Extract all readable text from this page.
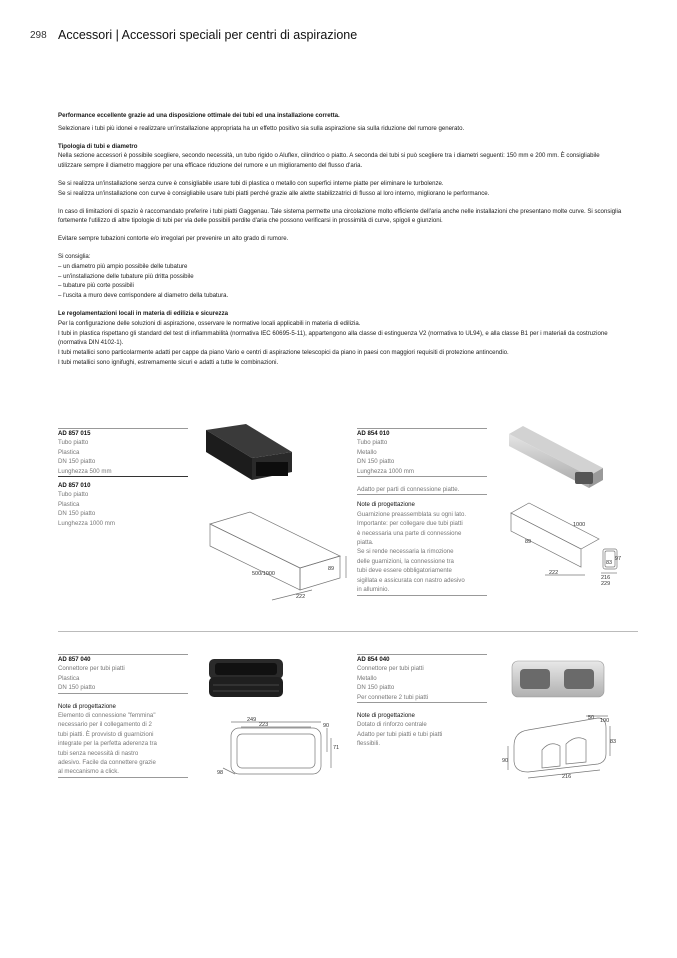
298 Accessori | Accessori speciali per centri di aspirazione

Performance eccellente grazie ad una disposizione ottimale dei tubi ed una installazione corretta.

Selezionare i tubi più idonei e realizzare un'installazione appropriata ha un effetto positivo sia sulla aspirazione sia sulla riduzione del rumore generato.

Tipologia di tubi e diametro

Nella sezione accessori è possibile scegliere, secondo necessità, un tubo rigido o Aluflex, cilindrico o piatto. A seconda dei tubi si può scegliere tra i diametri seguenti: 150 mm e 200 mm. È consigliabile utilizzare sempre il diametro maggiore per una efficace riduzione del rumore e un miglioramento del flusso d'aria.

Se si realizza un'installazione senza curve è consigliabile usare tubi di plastica o metallo con superfici interne piatte per eliminare le turbolenze.

Se si realizza un'installazione con curve è consigliabile usare tubi piatti perché grazie alle alette stabilizzatrici di flusso al loro interno, migliorano le performance.

In caso di limitazioni di spazio è raccomandato preferire i tubi piatti Gaggenau. Tale sistema permette una circolazione molto efficiente dell'aria anche nelle installazioni che presentano molte curve. Si sconsiglia fortemente l'utilizzo di altre tipologie di tubi per via delle possibili perdite d'aria che possono verificarsi in prossimità di curve, spigoli e giunzioni.

Evitare sempre tubazioni contorte e/o irregolari per prevenire un alto grado di rumore.

Si consiglia:

– un diametro più ampio possibile delle tubature

– un'installazione delle tubature più dritta possibile

– tubature più corte possibili

– l'uscita a muro deve corrispondere al diametro della tubatura.

Le regolamentazioni locali in materia di edilizia e sicurezza

Per la configurazione delle soluzioni di aspirazione, osservare le normative locali applicabili in materia di edilizia.

I tubi in plastica rispettano gli standard del test di infiammabilità (normativa IEC 60695-5-11), appartengono alla classe di estinguenza V2 (normativa to UL94), e alla classe B1 per i materiali da costruzione (normativa DIN 4102-1).

I tubi metallici sono particolarmente adatti per cappe da piano Vario e centri di aspirazione telescopici da piano in paesi con maggiori requisiti di protezione antincendio.

I tubi metallici sono ignifughi, estremamente sicuri e adatti a tutte le combinazioni.

AD 857 015
Tubo piatto
Plastica
DN 150 piatto
Lunghezza 500 mm
AD 857 010
Tubo piatto
Plastica
DN 150 piatto
Lunghezza 1000 mm
500/1000
89
222
AD 854 010
Tubo piatto
Metallo
DN 150 piatto
Lunghezza 1000 mm
Adatto per parti di connessione piatte.
Note di progettazione
Guarnizione preassemblata su ogni lato.
Importante: per collegare due tubi piatti
è necessaria una parte di connessione
piatta.
Se si rende necessaria la rimozione
delle guarnizioni, la connessione tra
tubi deve essere obbligatoriamente
sigillata e assicurata con nastro adesivo
in alluminio.
1000
89
97
83
222
216
229
AD 857 040
Connettore per tubi piatti
Plastica
DN 150 piatto
Note di progettazione
Elemento di connessione "femmina"
necessario per il collegamento di 2
tubi piatti. È provvisto di guarnizioni
integrate per la perfetta aderenza tra
tubi senza necessità di nastro
adesivo. Facile da connettere grazie
al meccanismo a click.
249
223	90
71
98
AD 854 040
Connettore per tubi piatti
Metallo
DN 150 piatto
Per connettere 2 tubi piatti
Note di progettazione
Dotato di rinforzo centrale
Adatto per tubi piatti e tubi piatti
flessibili.
50 100
83
90
216
